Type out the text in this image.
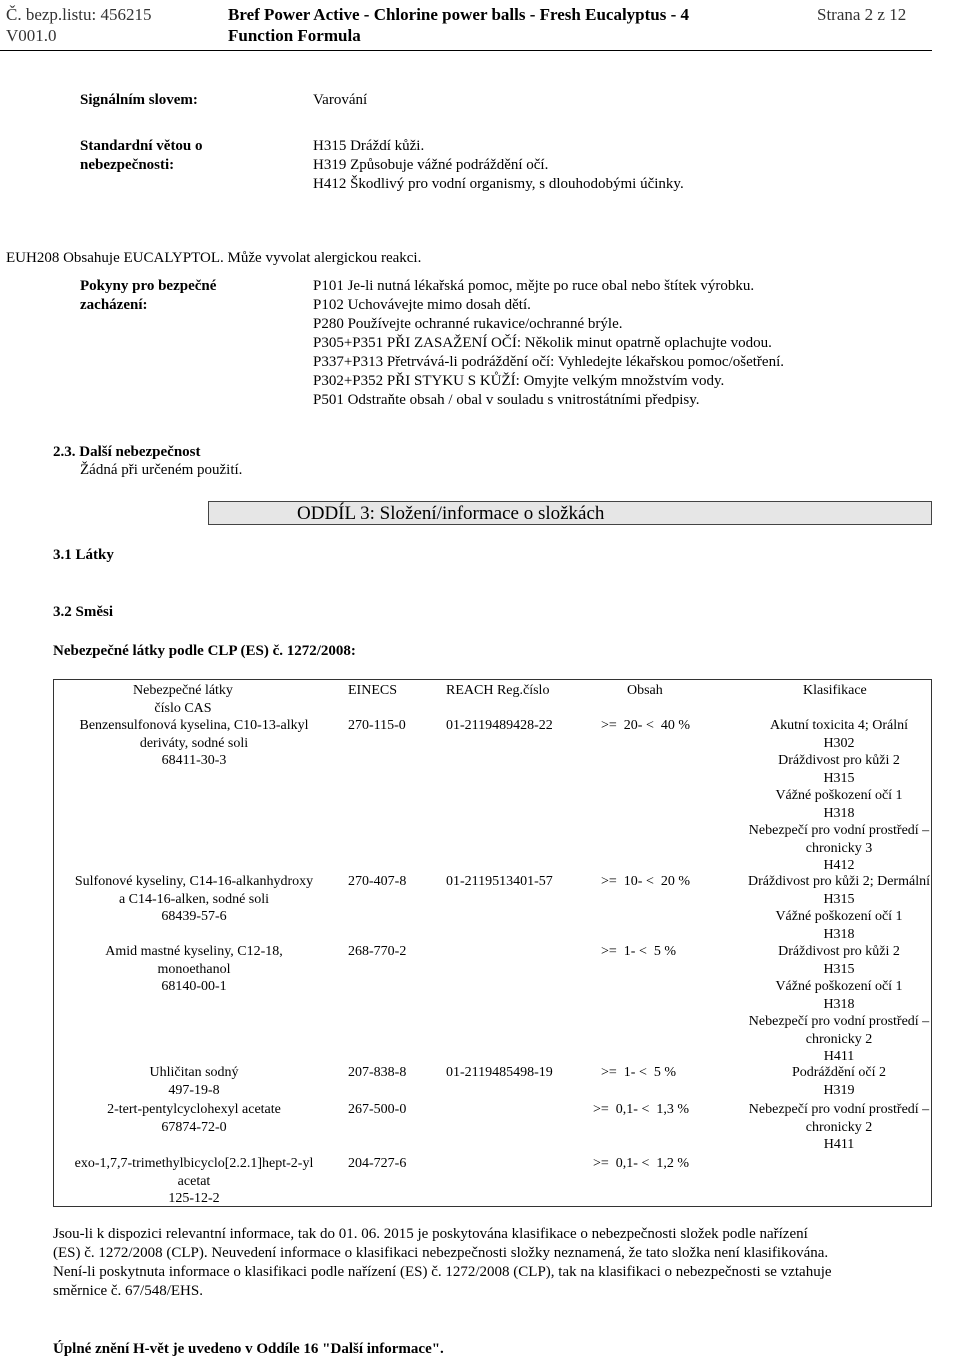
Č. bezp.listu: 456215
V001.0
Bref Power Active - Chlorine power balls - Fresh Eucalyptus - 4
Function Formula
Strana 2 z 12
Signálním slovem:	Varování
Standardní větou o
nebezpečnosti:
H315 Dráždí kůži.
H319 Způsobuje vážné podráždění očí.
H412 Škodlivý pro vodní organismy, s dlouhodobými účinky.
EUH208 Obsahuje EUCALYPTOL. Může vyvolat alergickou reakci.
Pokyny pro bezpečné
zacházení:
P101 Je-li nutná lékařská pomoc, mějte po ruce obal nebo štítek výrobku.
P102 Uchovávejte mimo dosah dětí.
P280 Používejte ochranné rukavice/ochranné brýle.
P305+P351 PŘI ZASAŽENÍ OČÍ: Několik minut opatrně oplachujte vodou.
P337+P313 Přetrvává-li podráždění očí: Vyhledejte lékařskou pomoc/ošetření.
P302+P352 PŘI STYKU S KŮŽÍ: Omyjte velkým množstvím vody.
P501 Odstraňte obsah / obal v souladu s vnitrostátními předpisy.
2.3. Další nebezpečnost
Žádná při určeném použití.
ODDÍL 3: Složení/informace o složkách
3.1 Látky
3.2 Směsi
Nebezpečné látky podle CLP (ES) č. 1272/2008:
Nebezpečné látky
číslo CAS
EINECS	REACH Reg.číslo	Obsah	Klasifikace
Benzensulfonová kyselina, C10-13-alkyl
deriváty, sodné soli
68411-30-3
270-115-0	01-2119489428-22	>=  20- <  40 %	Akutní toxicita 4; Orální
H302
Dráždivost pro kůži 2
H315
Vážné poškození očí 1
H318
Nebezpečí pro vodní prostředí –
chronicky 3
H412
Sulfonové kyseliny, C14-16-alkanhydroxy
a C14-16-alken, sodné soli
68439-57-6
270-407-8	01-2119513401-57	>=  10- <  20 %	Dráždivost pro kůži 2; Dermální
H315
Vážné poškození očí 1
H318
Amid mastné kyseliny, C12-18,
monoethanol
68140-00-1
268-770-2	>=  1- <  5 %	Dráždivost pro kůži 2
H315
Vážné poškození očí 1
H318
Nebezpečí pro vodní prostředí –
chronicky 2
H411
Uhličitan sodný
497-19-8
207-838-8	01-2119485498-19	>=  1- <  5 %	Podráždění očí 2
H319
2-tert-pentylcyclohexyl acetate
67874-72-0
267-500-0	>=  0,1- <  1,3 %	Nebezpečí pro vodní prostředí –
chronicky 2
H411
exo-1,7,7-trimethylbicyclo[2.2.1]hept-2-yl
acetat
125-12-2
204-727-6	>=  0,1- <  1,2 %
Jsou-li k dispozici relevantní informace, tak do 01. 06. 2015 je poskytována klasifikace o nebezpečnosti složek podle nařízení
(ES) č. 1272/2008 (CLP). Neuvedení informace o klasifikaci nebezpečnosti složky neznamená, že tato složka není klasifikována.
Není-li poskytnuta informace o klasifikaci podle nařízení (ES) č. 1272/2008 (CLP), tak na klasifikaci o nebezpečnosti se vztahuje
směrnice č. 67/548/EHS.
Úplné znění H-vět je uvedeno v Oddíle 16 "Další informace".
